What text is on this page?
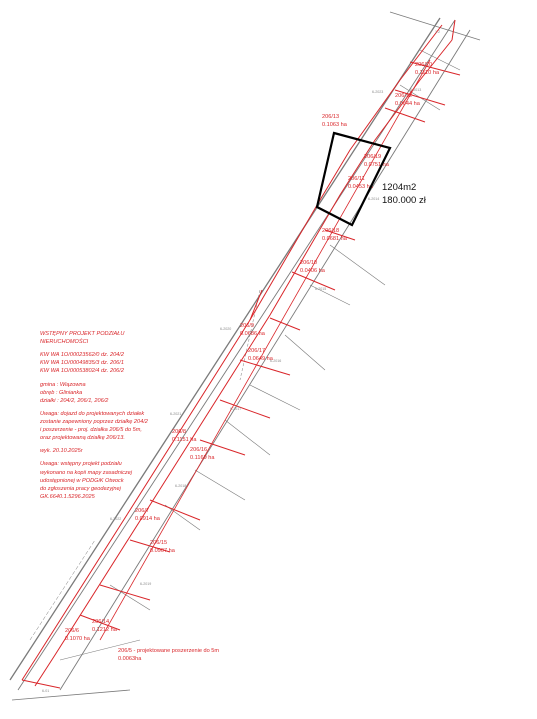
1:2
6-2013
6-2014
6-2015
6-2016
6-2017
6-2018
6-2019
6-2020
6-2021
6-2022
6-2023
6-01
206/20
0.1110 ha
206/12
0.0644 ha
206/13
0.1063 ha
206/19
0.0751 ha
206/11
0.0453 ha
206/18
0.0681 ha
206/10
0.0406 ha
206/9
0.0686 ha
206/17
0.0649 ha
206/8
0.1151 ha
206/16
0.1169 ha
206/7
0.0914 ha
206/15
0.0907 ha
206/6
0.1070 ha
206/14
0.1212 ha
206/5 - projektowane poszerzenie do 5m
0.0063ha
1204m2
180.000 zł

WSTĘPNY PROJEKT PODZIAŁU

NIERUCHOMOŚCI

KW WA 1O/00023562/0 dz. 204/2

KW WA 1O/00049835/3 dz. 206/1

KW WA 1O/00053802/4 dz. 206/2

gmina : Wiązowna

obręb : Glinianka

działki : 204/2, 206/1, 206/2

Uwaga: dojazd do projektowanych działek

zostanie zapewniony poprzez działkę 204/2

i poszerzenie - proj. działka 206/5 do 5m,

oraz projektowaną działkę 206/13.

wyk. 20.10.2025r

Uwaga: wstępny projekt podziału

wykonano na kopii mapy zasadniczej

udostępnionej w PODGiK Otwock

do zgłoszenia pracy geodezyjnej

GK.6640.1.5296.2025
